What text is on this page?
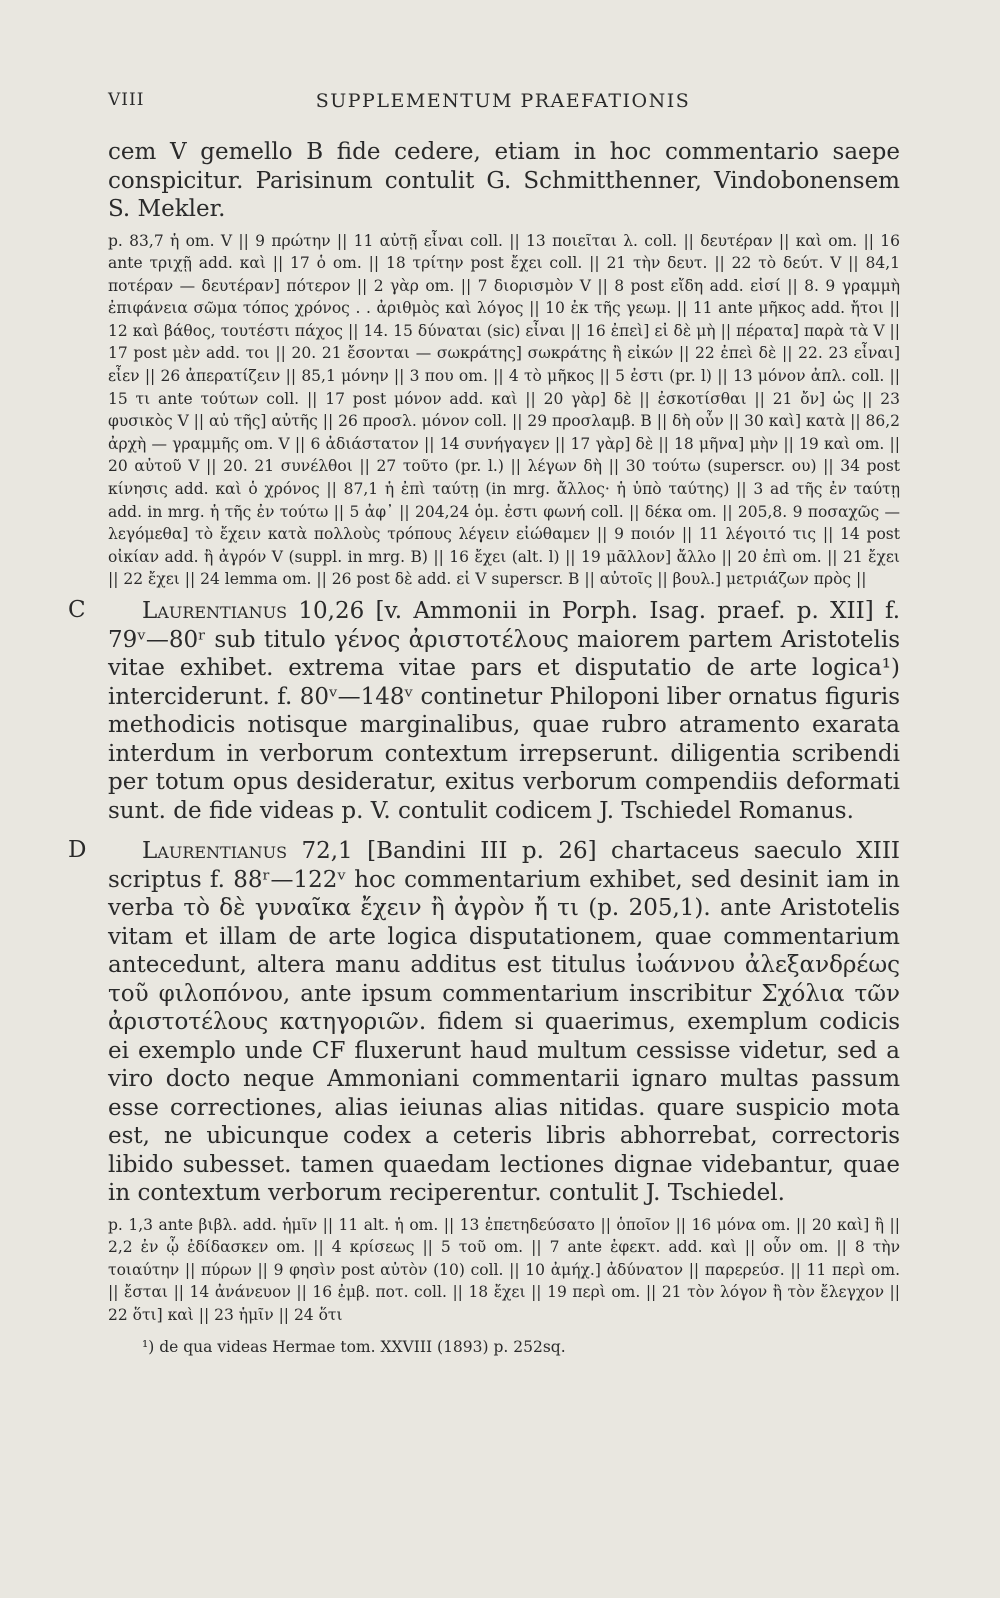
VIII	SUPPLEMENTUM PRAEFATIONIS

cem V gemello B fide cedere, etiam in hoc commentario saepe conspicitur. Parisinum contulit G. Schmitthenner, Vindobonensem S. Mekler.

p. 83,7 ἡ om. V || 9 πρώτην || 11 αὐτῇ εἶναι coll. || 13 ποιεῖται λ. coll. || δευτέραν || καὶ om. || 16 ante τριχῇ add. καὶ || 17 ὁ om. || 18 τρίτην post ἔχει coll. || 21 τὴν δευτ. || 22 τὸ δεύτ. V || 84,1 ποτέραν — δευτέραν] πότερον || 2 γὰρ om. || 7 διορισμὸν V || 8 post εἴδη add. εἰσί || 8. 9 γραμμὴ ἐπιφάνεια σῶμα τόπος χρόνος . . ἀριθμὸς καὶ λόγος || 10 ἐκ τῆς γεωμ. || 11 ante μῆκος add. ἤτοι || 12 καὶ βάθος, τουτέστι πάχος || 14. 15 δύναται (sic) εἶναι || 16 ἐπεὶ] εἰ δὲ μὴ || πέρατα] παρὰ τὰ V || 17 post μὲν add. τοι || 20. 21 ἔσονται — σωκράτης] σωκράτης ἢ εἰκών || 22 ἐπεὶ δὲ || 22. 23 εἶναι] εἶεν || 26 ἀπερατίζειν || 85,1 μόνην || 3 που om. || 4 τὸ μῆκος || 5 ἐστι (pr. l) || 13 μόνον ἀπλ. coll. || 15 τι ante τούτων coll. || 17 post μόνον add. καὶ || 20 γὰρ] δὲ || ἐσκοτίσθαι || 21 ὄν] ὡς || 23 φυσικὸς V || αὐ τῆς] αὐτῆς || 26 προσλ. μόνον coll. || 29 προσλαμβ. B || δὴ οὖν || 30 καὶ] κατὰ || 86,2 ἀρχὴ — γραμμῆς om. V || 6 ἀδιάστατον || 14 συνήγαγεν || 17 γὰρ] δὲ || 18 μῆνα] μὴν || 19 καὶ om. || 20 αὐτοῦ V || 20. 21 συνέλθοι || 27 τοῦτο (pr. l.) || λέγων δὴ || 30 τούτω (superscr. ου) || 34 post κίνησις add. καὶ ὁ χρόνος || 87,1 ἡ ἐπὶ ταύτῃ (in mrg. ἄλλος· ἡ ὑπὸ ταύτης) || 3 ad τῆς ἐν ταύτῃ add. in mrg. ἡ τῆς ἐν τούτω || 5 ἀφ᾽ || 204,24 ὁμ. ἐστι φωνή coll. || δέκα om. || 205,8. 9 ποσαχῶς — λεγόμεθα] τὸ ἔχειν κατὰ πολλοὺς τρόπους λέγειν εἰώθαμεν || 9 ποιόν || 11 λέγοιτό τις || 14 post οἰκίαν add. ἢ ἀγρόν V (suppl. in mrg. B) || 16 ἔχει (alt. l) || 19 μᾶλλον] ἄλλο || 20 ἐπὶ om. || 21 ἔχει || 22 ἔχει || 24 lemma om. || 26 post δὲ add. εἰ V superscr. B || αὐτοῖς || βουλ.] μετριάζων πρὸς ||

C	Laurentianus 10,26 [v. Ammonii in Porph. Isag. praef. p. XII] f. 79ᵛ—80ʳ sub titulo γένος ἀριστοτέλους maiorem partem Aristotelis vitae exhibet. extrema vitae pars et disputatio de arte logica¹) interciderunt. f. 80ᵛ—148ᵛ continetur Philoponi liber ornatus figuris methodicis notisque marginalibus, quae rubro atramento exarata interdum in verborum contextum irrepserunt. diligentia scribendi per totum opus desideratur, exitus verborum compendiis deformati sunt. de fide videas p. V. contulit codicem J. Tschiedel Romanus.

D	Laurentianus 72,1 [Bandini III p. 26] chartaceus saeculo XIII scriptus f. 88ʳ—122ᵛ hoc commentarium exhibet, sed desinit iam in verba τὸ δὲ γυναῖκα ἔχειν ἢ ἀγρὸν ἤ τι (p. 205,1). ante Aristotelis vitam et illam de arte logica disputationem, quae commentarium antecedunt, altera manu additus est titulus ἰωάννου ἀλεξανδρέως τοῦ φιλοπόνου, ante ipsum commentarium inscribitur Σχόλια τῶν ἀριστοτέλους κατηγοριῶν. fidem si quaerimus, exemplum codicis ei exemplo unde CF fluxerunt haud multum cessisse videtur, sed a viro docto neque Ammoniani commentarii ignaro multas passum esse correctiones, alias ieiunas alias nitidas. quare suspicio mota est, ne ubicunque codex a ceteris libris abhorrebat, correctoris libido subesset. tamen quaedam lectiones dignae videbantur, quae in contextum verborum reciperentur. contulit J. Tschiedel.

p. 1,3 ante βιβλ. add. ἡμῖν || 11 alt. ἡ om. || 13 ἐπετηδεύσατο || ὁποῖον || 16 μόνα om. || 20 καὶ] ἢ || 2,2 ἐν ᾧ ἐδίδασκεν om. || 4 κρίσεως || 5 τοῦ om. || 7 ante ἐφεκτ. add. καὶ || οὖν om. || 8 τὴν τοιαύτην || πύρων || 9 φησὶν post αὐτὸν (10) coll. || 10 ἀμήχ.] ἀδύνατον || παρερεύσ. || 11 περὶ om. || ἔσται || 14 ἀνάνευον || 16 ἐμβ. ποτ. coll. || 18 ἔχει || 19 περὶ om. || 21 τὸν λόγον ἢ τὸν ἔλεγχον || 22 ὅτι] καὶ || 23 ἡμῖν || 24 ὅτι

¹) de qua videas Hermae tom. XXVIII (1893) p. 252sq.
